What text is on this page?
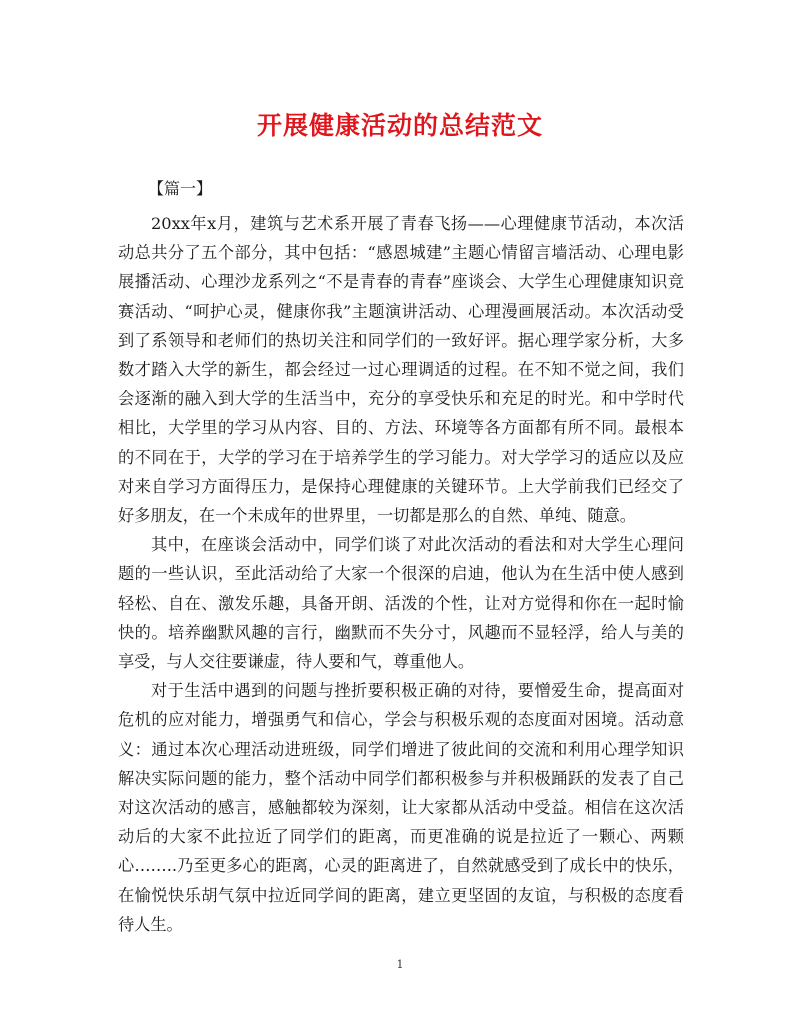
开展健康活动的总结范文
【篇一】

20xx年x月，建筑与艺术系开展了青春飞扬——心理健康节活动，本次活动总共分了五个部分，其中包括：“感恩城建”主题心情留言墙活动、心理电影展播活动、心理沙龙系列之“不是青春的青春”座谈会、大学生心理健康知识竞赛活动、“呵护心灵，健康你我”主题演讲活动、心理漫画展活动。本次活动受到了系领导和老师们的热切关注和同学们的一致好评。据心理学家分析，大多数才踏入大学的新生，都会经过一过心理调适的过程。在不知不觉之间，我们会逐渐的融入到大学的生活当中，充分的享受快乐和充足的时光。和中学时代相比，大学里的学习从内容、目的、方法、环境等各方面都有所不同。最根本的不同在于，大学的学习在于培养学生的学习能力。对大学学习的适应以及应对来自学习方面得压力，是保持心理健康的关键环节。上大学前我们已经交了好多朋友，在一个未成年的世界里，一切都是那么的自然、单纯、随意。

其中，在座谈会活动中，同学们谈了对此次活动的看法和对大学生心理问题的一些认识，至此活动给了大家一个很深的启迪，他认为在生活中使人感到轻松、自在、激发乐趣，具备开朗、活泼的个性，让对方觉得和你在一起时愉快的。培养幽默风趣的言行，幽默而不失分寸，风趣而不显轻浮，给人与美的享受，与人交往要谦虚，待人要和气，尊重他人。

对于生活中遇到的问题与挫折要积极正确的对待，要憎爱生命，提高面对危机的应对能力，增强勇气和信心，学会与积极乐观的态度面对困境。活动意义：通过本次心理活动进班级，同学们增进了彼此间的交流和利用心理学知识解决实际问题的能力，整个活动中同学们都积极参与并积极踊跃的发表了自己对这次活动的感言，感触都较为深刻，让大家都从活动中受益。相信在这次活动后的大家不此拉近了同学们的距离，而更准确的说是拉近了一颗心、两颗心……..乃至更多心的距离，心灵的距离进了，自然就感受到了成长中的快乐，在愉悦快乐胡气氛中拉近同学间的距离，建立更坚固的友谊，与积极的态度看待人生。

1
